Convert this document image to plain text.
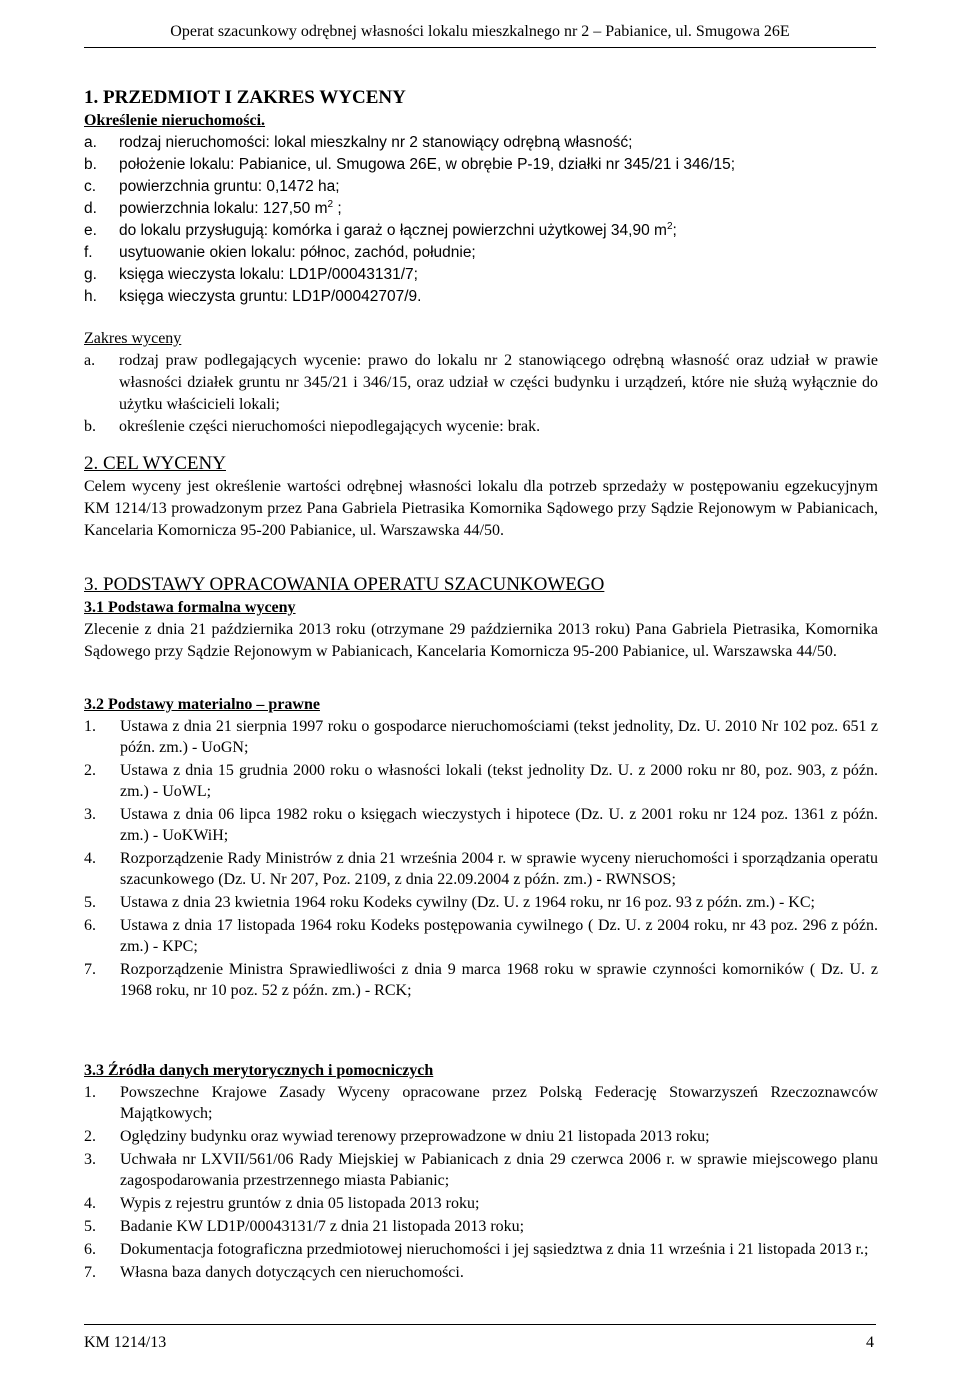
Operat szacunkowy odrębnej własności lokalu mieszkalnego nr 2 – Pabianice, ul. Smugowa 26E
1. PRZEDMIOT I ZAKRES WYCENY
Określenie nieruchomości.
a.	rodzaj nieruchomości: lokal mieszkalny nr 2 stanowiący odrębną własność;
b.	położenie lokalu: Pabianice, ul. Smugowa 26E, w obrębie P-19, działki nr 345/21 i 346/15;
c.	powierzchnia gruntu: 0,1472 ha;
d.	powierzchnia lokalu: 127,50 $m^2$ ;
e.	do lokalu przysługują: komórka i garaż o łącznej powierzchni użytkowej 34,90 $m^2$;
f.	usytuowanie okien lokalu: północ, zachód, południe;
g.	księga wieczysta lokalu: LD1P/00043131/7;
h.	księga wieczysta gruntu: LD1P/00042707/9.
Zakres wyceny
a.	rodzaj praw podlegających wycenie: prawo do lokalu nr 2 stanowiącego odrębną własność oraz udział w prawie własności działek gruntu nr 345/21 i 346/15, oraz udział w części budynku i urządzeń, które nie służą wyłącznie do użytku właścicieli lokali;
b.	określenie części nieruchomości niepodlegających wycenie: brak.
2. CEL WYCENY

Celem wyceny jest określenie wartości odrębnej własności lokalu dla potrzeb sprzedaży w postępowaniu egzekucyjnym KM 1214/13 prowadzonym przez Pana Gabriela Pietrasika Komornika Sądowego przy Sądzie Rejonowym w Pabianicach, Kancelaria Komornicza 95-200 Pabianice, ul. Warszawska 44/50.

3. PODSTAWY OPRACOWANIA OPERATU SZACUNKOWEGO
3.1 Podstawa formalna wyceny

Zlecenie z dnia 21 października 2013 roku (otrzymane 29 października 2013 roku) Pana Gabriela Pietrasika, Komornika Sądowego przy Sądzie Rejonowym w Pabianicach, Kancelaria Komornicza 95-200 Pabianice, ul. Warszawska 44/50.

3.2 Podstawy materialno – prawne
1.	Ustawa z dnia 21 sierpnia 1997 roku o gospodarce nieruchomościami (tekst jednolity, Dz. U. 2010 Nr 102 poz. 651 z późn. zm.) - UoGN;
2.	Ustawa z dnia 15 grudnia 2000 roku o własności lokali (tekst jednolity Dz. U. z 2000 roku nr 80, poz. 903, z późn. zm.) - UoWL;
3.	Ustawa z dnia 06 lipca 1982 roku o księgach wieczystych i hipotece (Dz. U. z 2001 roku nr 124 poz. 1361 z późn. zm.) - UoKWiH;
4.	Rozporządzenie Rady Ministrów z dnia 21 września 2004 r. w sprawie wyceny nieruchomości i sporządzania operatu szacunkowego (Dz. U. Nr 207, Poz. 2109, z dnia 22.09.2004 z późn. zm.) - RWNSOS;
5.	Ustawa z dnia 23 kwietnia 1964 roku Kodeks cywilny (Dz. U. z 1964 roku, nr 16 poz. 93 z późn. zm.) - KC;
6.	Ustawa z dnia 17 listopada 1964 roku Kodeks postępowania cywilnego ( Dz. U. z 2004 roku, nr 43 poz. 296 z późn. zm.) - KPC;
7.	Rozporządzenie Ministra Sprawiedliwości z dnia 9 marca 1968 roku w sprawie czynności komorników ( Dz. U. z 1968 roku, nr 10 poz. 52 z późn. zm.) - RCK;
3.3 Źródła danych merytorycznych i pomocniczych
1.	Powszechne Krajowe Zasady Wyceny opracowane przez Polską Federację Stowarzyszeń Rzeczoznawców Majątkowych;
2.	Oględziny budynku oraz wywiad terenowy przeprowadzone w dniu 21 listopada 2013 roku;
3.	Uchwała nr LXVII/561/06 Rady Miejskiej w Pabianicach z dnia 29 czerwca 2006 r. w sprawie miejscowego planu zagospodarowania przestrzennego miasta Pabianic;
4.	Wypis z rejestru gruntów z dnia 05 listopada 2013 roku;
5.	Badanie KW LD1P/00043131/7 z dnia 21 listopada 2013 roku;
6.	Dokumentacja fotograficzna przedmiotowej nieruchomości i jej sąsiedztwa z dnia 11 września i 21 listopada 2013 r.;
7.	Własna baza danych dotyczących cen nieruchomości.
KM 1214/13	4
